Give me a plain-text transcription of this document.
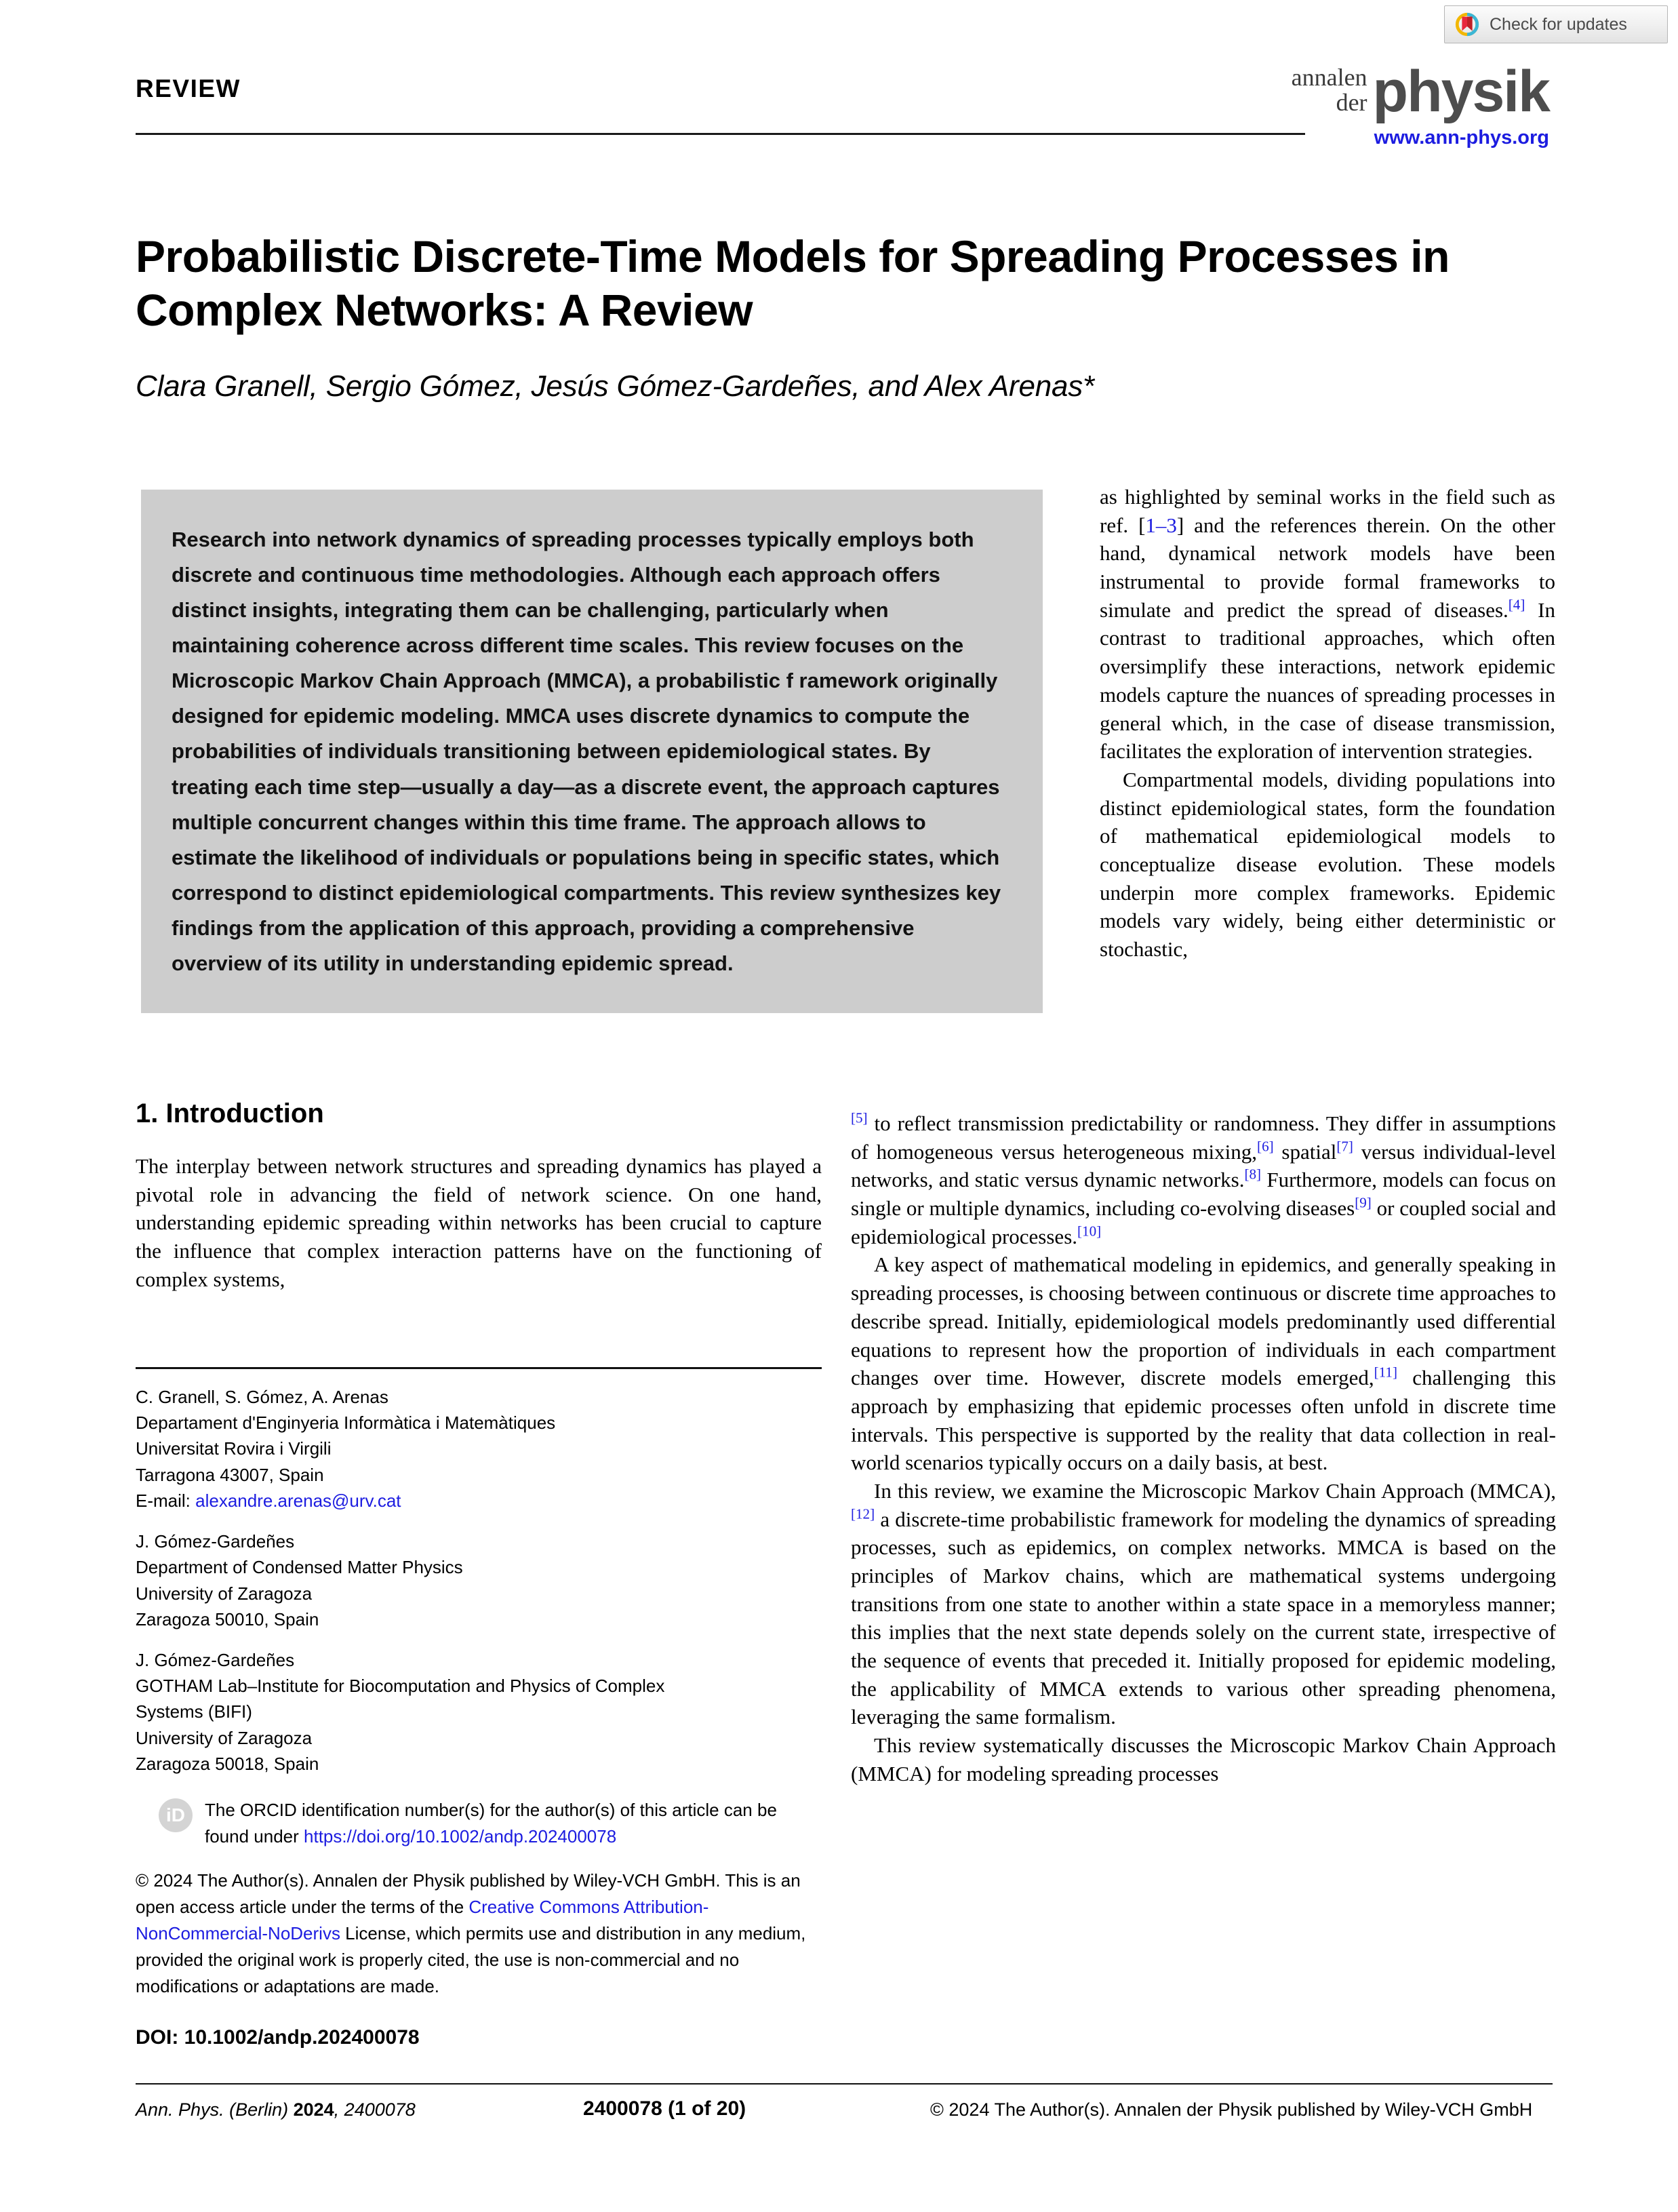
Check for updates
REVIEW	annalen
der physik
www.ann-phys.org
Probabilistic Discrete-Time Models for Spreading Processes in Complex Networks: A Review
Clara Granell, Sergio Gómez, Jesús Gómez-Gardeñes, and Alex Arenas*

Research into network dynamics of spreading processes typically employs both discrete and continuous time methodologies. Although each approach offers distinct insights, integrating them can be challenging, particularly when maintaining coherence across different time scales. This review focuses on the Microscopic Markov Chain Approach (MMCA), a probabilistic f ramework originally designed for epidemic modeling. MMCA uses discrete dynamics to compute the probabilities of individuals transitioning between epidemiological states. By treating each time step—usually a day—as a discrete event, the approach captures multiple concurrent changes within this time frame. The approach allows to estimate the likelihood of individuals or populations being in specific states, which correspond to distinct epidemiological compartments. This review synthesizes key findings from the application of this approach, providing a comprehensive overview of its utility in understanding epidemic spread.

1. Introduction

The interplay between network structures and spreading dynamics has played a pivotal role in advancing the field of network science. On one hand, understanding epidemic spreading within networks has been crucial to capture the influence that complex interaction patterns have on the functioning of complex systems,

as highlighted by seminal works in the field such as ref. [1–3] and the references therein. On the other hand, dynamical network models have been instrumental to provide formal frameworks to simulate and predict the spread of diseases.[4] In contrast to traditional approaches, which often oversimplify these interactions, network epidemic models capture the nuances of spreading processes in general which, in the case of disease transmission, facilitates the exploration of intervention strategies.

Compartmental models, dividing populations into distinct epidemiological states, form the foundation of mathematical epidemiological models to conceptualize disease evolution. These models underpin more complex frameworks. Epidemic models vary widely, being either deterministic or stochastic,

[5] to reflect transmission predictability or randomness. They differ in assumptions of homogeneous versus heterogeneous mixing,[6] spatial[7] versus individual-level networks, and static versus dynamic networks.[8] Furthermore, models can focus on single or multiple dynamics, including co-evolving diseases[9] or coupled social and epidemiological processes.[10]

A key aspect of mathematical modeling in epidemics, and generally speaking in spreading processes, is choosing between continuous or discrete time approaches to describe spread. Initially, epidemiological models predominantly used differential equations to represent how the proportion of individuals in each compartment changes over time. However, discrete models emerged,[11] challenging this approach by emphasizing that epidemic processes often unfold in discrete time intervals. This perspective is supported by the reality that data collection in real-world scenarios typically occurs on a daily basis, at best.

In this review, we examine the Microscopic Markov Chain Approach (MMCA),[12] a discrete-time probabilistic framework for modeling the dynamics of spreading processes, such as epidemics, on complex networks. MMCA is based on the principles of Markov chains, which are mathematical systems undergoing transitions from one state to another within a state space in a memoryless manner; this implies that the next state depends solely on the current state, irrespective of the sequence of events that preceded it. Initially proposed for epidemic modeling, the applicability of MMCA extends to various other spreading phenomena, leveraging the same formalism.

This review systematically discusses the Microscopic Markov Chain Approach (MMCA) for modeling spreading processes

C. Granell, S. Gómez, A. Arenas
Departament d'Enginyeria Informàtica i Matemàtiques
Universitat Rovira i Virgili
Tarragona 43007, Spain
E-mail: alexandre.arenas@urv.cat
J. Gómez-Gardeñes
Department of Condensed Matter Physics
University of Zaragoza
Zaragoza 50010, Spain
J. Gómez-Gardeñes
GOTHAM Lab–Institute for Biocomputation and Physics of Complex
Systems (BIFI)
University of Zaragoza
Zaragoza 50018, Spain
iD	The ORCID identification number(s) for the author(s) of this article can be found under https://doi.org/10.1002/andp.202400078
© 2024 The Author(s). Annalen der Physik published by Wiley-VCH GmbH. This is an open access article under the terms of the Creative Commons Attribution-NonCommercial-NoDerivs License, which permits use and distribution in any medium, provided the original work is properly cited, the use is non-commercial and no modifications or adaptations are made.
DOI: 10.1002/andp.202400078
Ann. Phys. (Berlin) 2024, 2400078	2400078 (1 of 20)	© 2024 The Author(s). Annalen der Physik published by Wiley-VCH GmbH
